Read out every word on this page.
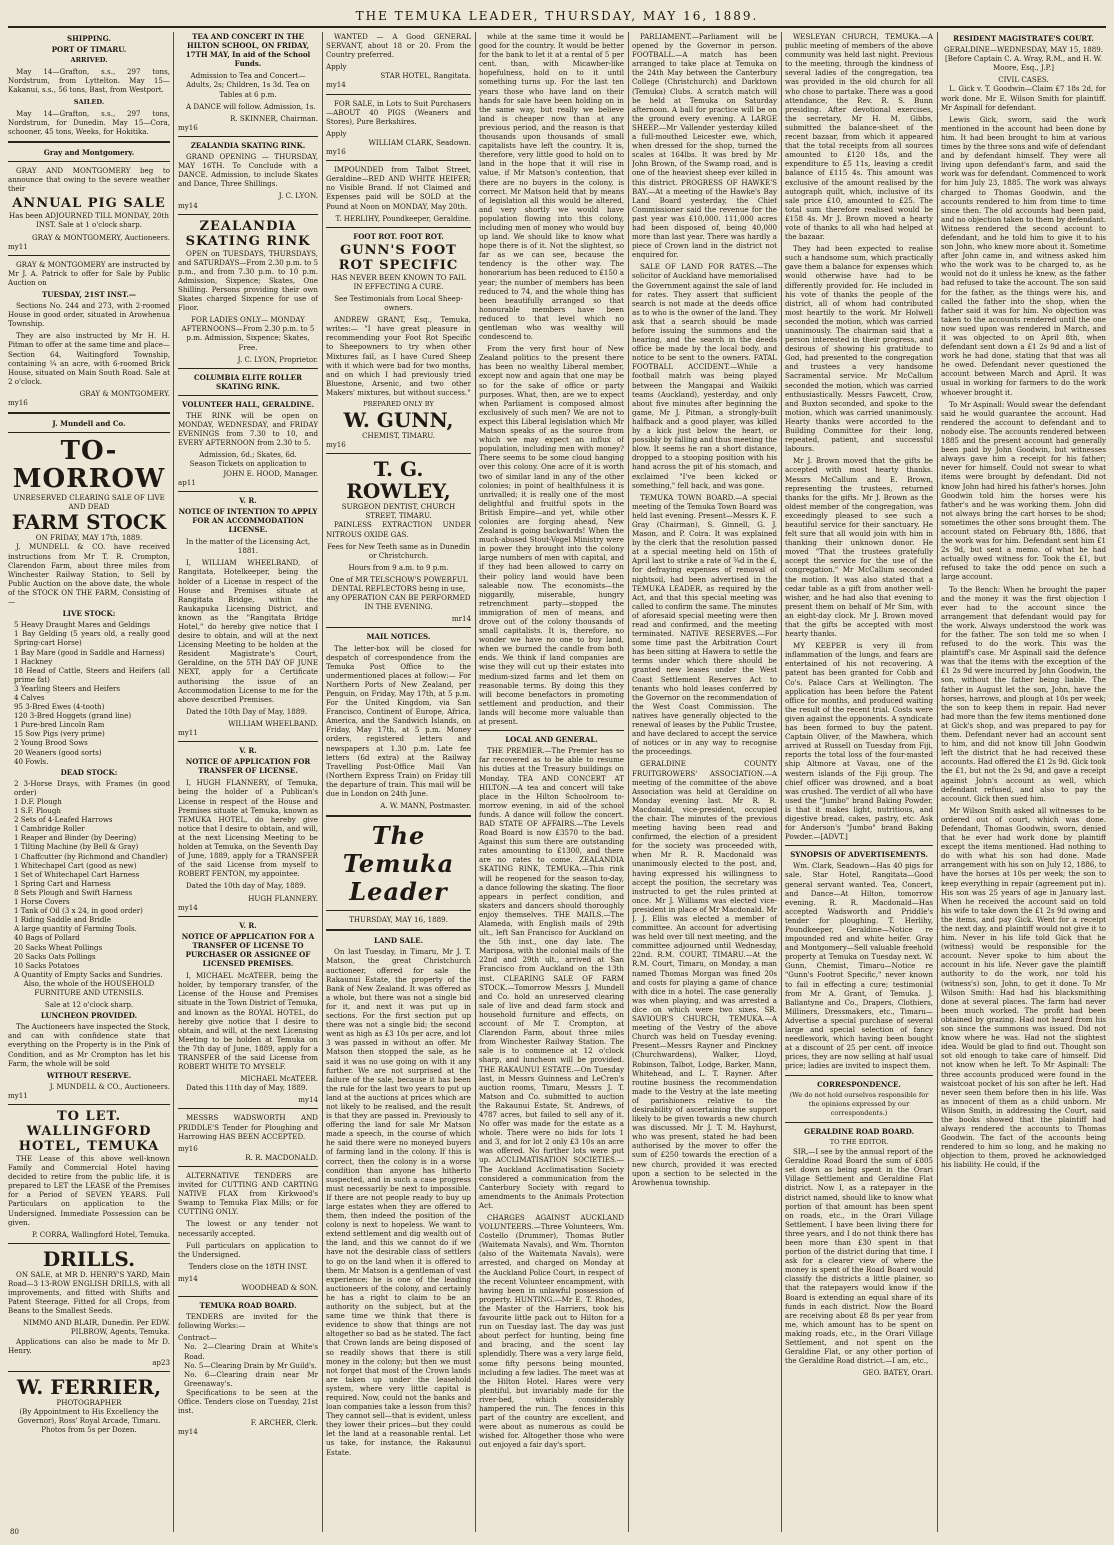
THE TEMUKA LEADER, THURSDAY, MAY 16, 1889.
SHIPPING.
PORT OF TIMARU.
ARRIVED.

May 14—Grafton, s.s., 297 tons, Nordstrum, from Lyttelton. May 15—Kakanui, s.s., 56 tons, Bast, from Westport.

SAILED.

May 14—Grafton, s.s., 297 tons, Nordstrum, for Dunedin. May 15—Cora, schooner, 45 tons, Weeks, for Hokitika.

Gray and Montgomery.

GRAY AND MONTGOMERY beg to announce that owing to the severe weather their

ANNUAL PIG SALE

Has been ADJOURNED TILL MONDAY, 20th INST. Sale at 1 o'clock sharp.

GRAY & MONTGOMERY, Auctioneers.
my11

GRAY & MONTGOMERY are instructed by Mr J. A. Patrick to offer for Sale by Public Auction on

TUESDAY, 21ST INST.—

Sections No. 244 and 273, with 2-roomed House in good order, situated in Arowhenua Township.

They are also instructed by Mr H. H. Pitman to offer at the same time and place— Section 64, Waitingford Township, containing ¼ an acre, with 6-roomed Brick House, situated on Main South Road. Sale at 2 o'clock.

GRAY & MONTGOMERY.
my16
J. Mundell and Co.
TO-MORROW
UNRESERVED CLEARING SALE OF LIVE AND DEAD
FARM STOCK
ON FRIDAY, MAY 17th, 1889.

J. MUNDELL & CO. have received instructions from Mr T. R. Crompton, Clarendon Farm, about three miles from Winchester Railway Station, to Sell by Public Auction on the above date, the whole of the STOCK ON THE FARM, Consisting of—

LIVE STOCK:
5 Heavy Draught Mares and Geldings
1 Bay Gelding (5 years old, a really good Spring-cart Horse)
1 Bay Mare (good in Saddle and Harness)
1 Hackney
18 Head of Cattle, Steers and Heifers (all prime fat)
3 Yearling Steers and Heifers
4 Calves
95 3-Bred Ewes (4-tooth)
120 3-Bred Hoggets (grand line)
1 Pure-bred Lincoln Ram
15 Sow Pigs (very prime)
2 Young Brood Sows
20 Weaners (good sorts)
40 Fowls.
DEAD STOCK:
2 3-Horse Drays, with Frames (in good order)
1 D.F. Plough
1 S.F. Plough
2 Sets of 4-Leafed Harrows
1 Cambridge Roller
1 Reaper and Binder (by Deering)
1 Tilting Machine (by Bell & Gray)
1 Chaffcutter (by Richmond and Chandler)
1 Whitechapel Cart (good as new)
1 Set of Whitechapel Cart Harness
1 Spring Cart and Harness
8 Sets Plough and Swift Harness
1 Horse Covers
1 Tank of Oil (3 x 24, in good order)
1 Riding Saddle and Bridle
A large quantity of Farming Tools.
40 Bags of Pollard
20 Sacks Wheat Pollings
20 Sacks Oats Pollings
10 Sacks Potatoes
A Quantity of Empty Sacks and Sundries.

Also, the whole of the HOUSEHOLD FURNITURE AND UTENSILS.

Sale at 12 o'clock sharp.
LUNCHEON PROVIDED.

The Auctioneers have inspected the Stock, and can with confidence state that everything on the Property is in the Pink of Condition, and as Mr Crompton has let his Farm, the whole will be sold

WITHOUT RESERVE.
J. MUNDELL & CO., Auctioneers.
my11
TO LET.
WALLINGFORD HOTEL, TEMUKA

THE Lease of this above well-known Family and Commercial Hotel having decided to retire from the public life, it is prepared to LET the LEASE of the Premises for a Period of SEVEN YEARS. Full Particulars on application to the Undersigned. Immediate Possession can be given.

P. CORRA, Wallingford Hotel, Temuka.
DRILLS.

ON SALE, at MR D. HENRY'S YARD, Main Road—3 13-ROW ENGLISH DRILLS, with all improvements, and fitted with Shifts and Patent Steerage. Fitted for all Crops, from Beans to the Smallest Seeds.

NIMMO AND BLAIR, Dunedin. Per EDW. PILBROW, Agents, Temuka.

Applications can also be made to Mr D. Henry.

ap23
W. FERRIER,
PHOTOGRAPHER

(By Appointment to His Excellency the Governor), Ross' Royal Arcade, Timaru. Photos from 5s per Dozen.

TEA AND CONCERT IN THE HILTON SCHOOL, ON FRIDAY, 17TH MAY, In aid of the School Funds.

Admission to Tea and Concert—Adults, 2s; Children, 1s 3d. Tea on Tables at 6 p.m.

A DANCE will follow. Admission, 1s.

R. SKINNER, Chairman.
my16
ZEALANDIA SKATING RINK.

GRAND OPENING — THURSDAY, MAY 16TH. To Conclude with a DANCE. Admission, to include Skates and Dance, Three Shillings.

J. C. LYON.
my14
ZEALANDIA SKATING RINK

OPEN on TUESDAYS, THURSDAYS, and SATURDAYS—From 2.30 p.m. to 5 p.m., and from 7.30 p.m. to 10 p.m. Admission, Sixpence; Skates, One Shilling. Persons providing their own Skates charged Sixpence for use of Floor.

FOR LADIES ONLY— MONDAY AFTERNOONS—From 2.30 p.m. to 5 p.m. Admission, Sixpence; Skates, Free.

J. C. LYON, Proprietor.
COLUMBIA ELITE ROLLER SKATING RINK.
VOLUNTEER HALL, GERALDINE.

THE RINK will be open on MONDAY, WEDNESDAY, and FRIDAY EVENINGS from 7.30 to 10, and EVERY AFTERNOON from 2.30 to 5.

Admission, 6d.; Skates, 6d.
Season Tickets on application to
JOHN E. HOOD, Manager.
ap11
V. R.

NOTICE OF INTENTION TO APPLY FOR AN ACCOMMODATION LICENSE.

In the matter of the Licensing Act, 1881.

I, WILLIAM WHEELBAND, of Rangitata, Hotelkeeper, being the holder of a License in respect of the House and Premises situate at Rangitata Bridge, within the Raukapuka Licensing District, and known as the "Rangitata Bridge Hotel," do hereby give notice that I desire to obtain, and will at the next Licensing Meeting to be holden at the Resident Magistrate's Court, Geraldine, on the 5TH DAY OF JUNE NEXT, apply for a Certificate authorising the issue of an Accommodation License to me for the above described Premises.

Dated the 10th Day of May, 1889.

WILLIAM WHEELBAND.
my11
V. R.

NOTICE OF APPLICATION FOR TRANSFER OF LICENSE.

I, HUGH FLANNERY, of Temuka, being the holder of a Publican's License in respect of the House and Premises situate at Temuka, known as TEMUKA HOTEL, do hereby give notice that I desire to obtain, and will, at the next Licensing Meeting to be holden at Temuka, on the Seventh Day of June, 1889, apply for a TRANSFER of the said License from myself to ROBERT FENTON, my appointee.

Dated the 10th day of May, 1889.

HUGH FLANNERY.
my14
V. R.

NOTICE OF APPLICATION FOR A TRANSFER OF LICENSE TO PURCHASER OR ASSIGNEE OF LICENSED PREMISES.

I, MICHAEL McATEER, being the holder, by temporary transfer, of the License of the House and Premises situate in the Town District of Temuka, and known as the ROYAL HOTEL, do hereby give notice that I desire to obtain, and will, at the next Licensing Meeting to be holden at Temuka on the 7th day of June, 1889, apply for a TRANSFER of the said License from ROBERT WHITE TO MYSELF.

MICHAEL McATEER.

Dated this 11th day of May, 1889.

my14

MESSRS WADSWORTH AND PRIDDLE'S Tender for Ploughing and Harrowing HAS BEEN ACCEPTED.

my16
R. R. MACDONALD.

ALTERNATIVE TENDERS are invited for CUTTING AND CARTING NATIVE FLAX from Kirkwood's Swamp to Temuka Flax Mills; or for CUTTING ONLY.

The lowest or any tender not necessarily accepted.

Full particulars on application to the Undersigned.

Tenders close on the 18TH INST.

my14
WOODHEAD & SON.
TEMUKA ROAD BOARD.

TENDERS are invited for the following Works:—

Contract—
No. 2—Clearing Drain at White's Road.
No. 5—Clearing Drain by Mr Guild's.
No. 6—Clearing drain near Mr Greenaway's.

Specifications to be seen at the Office. Tenders close on Tuesday, 21st inst.

F. ARCHER, Clerk.
my14

WANTED — A Good GENERAL SERVANT, about 18 or 20. From the Country preferred.

Apply
STAR HOTEL, Rangitata.
my14

FOR SALE, in Lots to Suit Purchasers —ABOUT 40 PIGS (Weaners and Stores), Pure Berkshires.

Apply
WILLIAM CLARK, Seadown.
my16

IMPOUNDED from Talbot Street, Geraldine—RED AND WHITE HEIFER; no Visible Brand. If not Claimed and Expenses paid will be SOLD at the Pound at Noon on MONDAY, May 20th.

T. HERLIHY, Poundkeeper, Geraldine.
FOOT ROT. FOOT ROT.
GUNN'S FOOT ROT SPECIFIC

HAS NEVER BEEN KNOWN TO FAIL IN EFFECTING A CURE.

See Testimonials from Local Sheep-owners.

ANDREW GRANT, Esq., Temuka, writes:— "I have great pleasure in recommending your Foot Rot Specific to Sheepowners to try when other Mixtures fail, as I have Cured Sheep with it which were bad for two months, and on which I had previously tried Bluestone, Arsenic, and two other Makers' mixtures, but without success."

PREPARED ONLY BY
W. GUNN,
CHEMIST, TIMARU.
my16
T. G. ROWLEY,
SURGEON DENTIST, CHURCH STREET, TIMARU.

PAINLESS EXTRACTION UNDER NITROUS OXIDE GAS.

Fees for New Teeth same as in Dunedin or Christchurch.

Hours from 9 a.m. to 9 p.m.

One of MR TELSCHOW'S POWERFUL DENTAL REFLECTORS being in use, any OPERATION CAN BE PERFORMED IN THE EVENING.

mr14
MAIL NOTICES.

The letter-box will be closed for despatch of correspondence from the Temuka Post Office to the undermentioned places at follow:— For Northern Ports of New Zealand, per Penguin, on Friday, May 17th, at 5 p.m. For the United Kingdom, via San Francisco, Continent of Europe, Africa, America, and the Sandwich Islands, on Friday, May 17th, at 5 p.m. Money orders, registered letters and newspapers at 1.30 p.m. Late fee letters (6d extra) at the Railway Travelling Post-Office Mail Van (Northern Express Train) on Friday till the departure of train. This mail will be due in London on 24th June.

A. W. MANN, Postmaster.
The Temuka Leader
THURSDAY, MAY 16, 1889.
LAND SALE.

On last Tuesday, in Timaru, Mr J. T. Matson, the great Christchurch auctioneer, offered for sale the Rakaunui Estate, the property of the Bank of New Zealand. It was offered as a whole, but there was not a single bid for it, and next it was put up in sections. For the first section put up there was not a single bid; the second went as high as £3 10s per acre, and lot 3 was passed in without an offer. Mr Matson then stopped the sale, as he said it was no use going on with it any further. We are not surprised at the failure of the sale, because it has been the rule for the last two years to put up land at the auctions at prices which are not likely to be realised, and the result is that they are passed in. Previously to offering the land for sale Mr Matson made a speech, in the course of which he said there were no moneyed buyers of farming land in the colony. If this is correct, then the colony is in a worse condition than anyone has hitherto suspected, and in such a case progress must necessarily be next to impossible. If there are not people ready to buy up large estates when they are offered to them, then indeed the position of the colony is next to hopeless. We want to extend settlement and dig wealth out of the land, and this we cannot do if we have not the desirable class of settlers to go on the land when it is offered to them. Mr Matson is a gentleman of vast experience; he is one of the leading auctioneers of the colony, and certainly he has a right to claim to be an authority on the subject, but at the same time we think that there is evidence to show that things are not altogether so bad as he stated. The fact that Crown lands are being disposed of so readily shows that there is still money in the colony; but then we must not forget that most of the Crown lands are taken up under the leasehold system, where very little capital is required. Now, could not the banks and loan companies take a lesson from this? They cannot sell—that is evident, unless they lower their prices—but they could let the land at a reasonable rental. Let us take, for instance, the Rakaunui Estate.

while at the same time it would be good for the country. It would be better for the bank to let it at a rental of 5 per cent. than, with Micawber-like hopefulness, hold on to it until something turns up. For the last ten years those who have land on their hands for sale have been holding on in the same way, but really we believe land is cheaper now than at any previous period, and the reason is that thousands upon thousands of small capitalists have left the country. It is, therefore, very little good to hold on to land in the hope that it will rise in value, if Mr Matson's contention, that there are no buyers in the colony, is correct. Mr Matson held that by means of legislation all this would be altered, and very shortly we would have population flowing into this colony, including men of money who would buy up land. We should like to know what hope there is of it. Not the slightest, so far as we can see, because the tendency is the other way. The honorarium has been reduced to £150 a year; the number of members has been reduced to 74, and the whole thing has been beautifully arranged so that honourable members have been reduced to that level which no gentleman who was wealthy will condescend to.

From the very first hour of New Zealand politics to the present there has been no wealthy Liberal member, except now and again that one may be so for the sake of office or party purposes. What, then, are we to expect when Parliament is composed almost exclusively of such men? We are not to expect this Liberal legislation which Mr Matson speaks of as the source from which we may expect an influx of population, including men with money? There seems to be some cloud hanging over this colony. One acre of it is worth two of similar land in any of the other colonies; in point of healthfulness it is unrivalled; it is really one of the most delightful and fruitful spots in the British Empire—and yet, while other colonies are forging ahead, New Zealand is going backwards! When the much-abused Stout-Vogel Ministry were in power they brought into the colony large numbers of men with capital, and if they had been allowed to carry on their policy land would have been saleable now. The economists—the niggardly, miserable, hungry retrenchment party—stopped the immigration of men of means, and drove out of the colony thousands of small capitalists. It is, therefore, no wonder we have no one to buy land, when we burned the candle from both ends. We think if land companies are wise they will cut up their estates into medium-sized farms and let them on reasonable terms. By doing this they will become benefactors in promoting settlement and production, and their lands will become more valuable than at present.

LOCAL AND GENERAL.

THE PREMIER.—The Premier has so far recovered as to be able to resume his duties at the Treasury buildings on Monday. TEA AND CONCERT AT HILTON.—A tea and concert will take place in the Hilton Schoolroom to-morrow evening, in aid of the school funds. A dance will follow the concert. BAD STATE OF AFFAIRS.—The Levels Road Board is now £3570 to the bad. Against this sum there are outstanding rates amounting to £1300, and there are no rates to come. ZEALANDIA SKATING RINK, TEMUKA.—This rink will be reopened for the season to-day, a dance following the skating. The floor appears in perfect condition, and skaters and dancers should thoroughly enjoy themselves. THE MAILS.—The Alameda, with English mails of 29th ult., left San Francisco for Auckland on the 5th inst., one day late. The Mariposa, with the colonial mails of the 22nd and 29th ult., arrived at San Francisco from Auckland on the 13th inst. CLEARING SALE OF FARM STOCK.—Tomorrow Messrs J. Mundell and Co. hold an unreserved clearing sale of live and dead farm stock and household furniture and effects, on account of Mr T. Crompton, at Clarendon Farm, about three miles from Winchester Railway Station. The sale is to commence at 12 o'clock sharp, and luncheon will be provided. THE RAKAUNUI ESTATE.—On Tuesday last, in Messrs Guinness and LeCren's auction rooms, Timaru, Messrs J. T. Matson and Co. submitted to auction the Rakaunui Estate, St. Andrews, of 4787 acres, but failed to sell any of it. No offer was made for the estate as a whole. There were no bids for lots 1 and 3, and for lot 2 only £3 10s an acre was offered. No further lots were put up. ACCLIMATISATION SOCIETIES.—The Auckland Acclimatisation Society considered a communication from the Canterbury Society with regard to amendments to the Animals Protection Act.

CHARGES AGAINST AUCKLAND VOLUNTEERS.—Three Volunteers, Wm. Costello (Drummer), Thomas Butler (Waitemata Navals), and Wm. Thornton (also of the Waitemata Navals), were arrested, and charged on Monday at the Auckland Police Court, in respect of the recent Volunteer encampment, with having been in unlawful possession of property. HUNTING.—Mr E. T. Rhodes, the Master of the Harriers, took his favourite little pack out to Hilton for a run on Tuesday last. The day was just about perfect for hunting, being fine and bracing, and the scent lay splendidly. There was a very large field, some fifty persons being mounted, including a few ladies. The meet was at the Hilton Hotel. Hares were very plentiful, but invariably made for the river-bed, which considerably hampered the run. The fences in this part of the country are excellent, and were about as numerous as could be wished for. Altogether those who were out enjoyed a fair day's sport.

PARLIAMENT.—Parliament will be opened by the Governor in person. FOOTBALL.—A match has been arranged to take place at Temuka on the 24th May between the Canterbury College (Christchurch) and Darktown (Temuka) Clubs. A scratch match will be held at Temuka on Saturday afternoon. A ball for practice will be on the ground every evening. A LARGE SHEEP.—Mr Vallender yesterday killed a full-mouthed Leicester ewe, which, when dressed for the shop, turned the scales at 164lbs. It was bred by Mr John Brown, of the Swamp road, and is one of the heaviest sheep ever killed in this district. PROGRESS OF HAWKE'S BAY.—At a meeting of the Hawke's Bay Land Board yesterday, the Chief Commissioner said the revenue for the past year was £10,000. 111,000 acres had been disposed of, being 40,000 more than last year. There was hardly a piece of Crown land in the district not enquired for.

SALE OF LAND FOR RATES.—The solicitor of Auckland have memorialised the Government against the sale of land for rates. They assert that sufficient search is not made at the deeds office as to who is the owner of the land. They ask that a search should be made before issuing the summons and the hearing, and the search in the deeds office be made by the local body, and notice to be sent to the owners. FATAL FOOTBALL ACCIDENT.—While a football match was being played between the Mangapai and Waikiki teams (Auckland), yesterday, and only about five minutes after beginning the game, Mr J. Pitman, a strongly-built halfback and a good player, was killed by a kick just below the heart, or possibly by falling and thus meeting the blow. It seems he ran a short distance, dropped to a stooping position with his hand across the pit of his stomach, and exclaimed "I've been kicked or something," fell back, and was gone.

TEMUKA TOWN BOARD.—A special meeting of the Temuka Town Board was held last evening. Present—Messrs K. F. Gray (Chairman), S. Ginnell, G. J. Mason, and P. Coira. It was explained by the clerk that the resolution passed at a special meeting held on 15th of April last to strike a rate of ¾d in the £, for defraying expenses of removal of nightsoil, had been advertised in the TEMUKA LEADER, as required by the Act, and that this special meeting was called to confirm the same. The minutes of aforesaid special meeting were then read and confirmed, and the meeting terminated. NATIVE RESERVES.—For some time past the Arbitration Court has been sitting at Hawera to settle the terms under which there should be granted new leases under the West Coast Settlement Reserves Act to tenants who hold leases conferred by the Governor on the recommendation of the West Coast Commission. The natives have generally objected to the renewal of leases by the Public Trustee, and have declared to accept the service of notices or in any way to recognise the proceedings.

GERALDINE COUNTY FRUITGROWERS' ASSOCIATION.—A meeting of the committee of the above Association was held at Geraldine on Monday evening last. Mr R. R. Macdonald, vice-president, occupied the chair. The minutes of the previous meeting having been read and confirmed, the election of a president for the society was proceeded with, when Mr R. R. Macdonald was unanimously elected to the post, and, having expressed his willingness to accept the position, the secretary was instructed to get the rules printed at once. Mr J. Williams was elected vice-president in place of Mr Macdonald. Mr J. J. Ellis was elected a member of committee. An account for advertising was held over till next meeting, and the committee adjourned until Wednesday, 22nd. R.M. COURT, TIMARU.—At the R.M. Court, Timaru, on Monday, a man named Thomas Morgan was fined 20s and costs for playing a game of chance with dice in a hotel. The case generally was when playing, and was arrested a dice on which were two sixes. SR. SAVIOUR'S CHURCH, TEMUKA.—A meeting of the Vestry of the above Church was held on Tuesday evening. Present—Messrs Rayner and Pinckney (Churchwardens), Walker, Lloyd, Robinson, Talbot, Lodge, Barker, Mann, Whitehead, and L. T. Rayner. After routine business the recommendation made to the Vestry at the late meeting of parishioners relative to the desirability of ascertaining the support likely to be given towards a new church was discussed. Mr J. T. M. Hayhurst, who was present, stated he had been authorised by the mover to offer the sum of £250 towards the erection of a new church, provided it was erected upon a section to be selected in the Arowhenua township.

WESLEYAN CHURCH, TEMUKA.—A public meeting of members of the above community was held last night. Previous to the meeting, through the kindness of several ladies of the congregation, tea was provided in the old church for all who chose to partake. There was a good attendance, the Rev. R. S. Bunn presiding. After devotional exercises, the secretary, Mr H. M. Gibbs, submitted the balance-sheet of the recent bazaar, from which it appeared that the total receipts from all sources amounted to £120 18s, and the expenditure to £5 11s, leaving a credit balance of £115 4s. This amount was exclusive of the amount realised by the autograph quilt, which, inclusive of its sale price £10, amounted to £25. The total sum therefore realised would be £158 4s. Mr J. Brown moved a hearty vote of thanks to all who had helped at the bazaar.

They had been expected to realise such a handsome sum, which practically gave them a balance for expenses which would otherwise have had to be differently provided for. He included in his vote of thanks the people of the district, all of whom had contributed most heartily to the work. Mr Holwell seconded the motion, which was carried unanimously. The chairman said that a person interested in their progress, and desirous of showing his gratitude to God, had presented to the congregation and trustees a very handsome Sacramental service. Mr McCallum seconded the motion, which was carried enthusiastically. Messrs Fawcett, Crow, and Buxton seconded, and spoke to the motion, which was carried unanimously. Hearty thanks were accorded to the Building Committee for their long, repeated, patient, and successful labours.

Mr J. Brown moved that the gifts be accepted with most hearty thanks. Messrs McCallum and E. Brown, representing the trustees, returned thanks for the gifts. Mr J. Brown as the oldest member of the congregation, was exceedingly pleased to see such a beautiful service for their sanctuary. He felt sure that all would join with him in thanking their unknown donor. He moved "That the trustees gratefully accept the service for the use of the congregation." Mr McCallum seconded the motion. It was also stated that a cedar table as a gift from another well-wisher, and he had also that evening to present them on behalf of Mr Sim, with an eight-day clock. Mr J. Brown moved that the gifts be accepted with most hearty thanks.

MY KEEPER is very ill from inflammation of the lungs, and fears are entertained of his not recovering. A patent has been granted for Cobb and Co's. Palace Cars at Wellington. The application has been before the Patent office for months, and produced waiting the result of the recent trial. Costs were given against the opponents. A syndicate has been formed to buy the patent. Captain Oliver, of the Mawhera, which arrived at Russell on Tuesday from Fiji, reports the total loss of the four-masted ship Altmore at Vavau, one of the western islands of the Fiji group. The chief officer was drowned, and a boat was crushed. The verdict of all who have used the "Jumbo" brand Baking Powder, is that it makes light, nutritious, and digestive bread, cakes, pastry, etc. Ask for Anderson's "Jumbo" brand Baking Powder.—[ADVT.]

SYNOPSIS OF ADVERTISEMENTS.

Wm. Clark, Seadown—Has 40 pigs for sale. Star Hotel, Rangitata—Good general servant wanted. Tea, Concert, and Dance—At Hilton, tomorrow evening. R. R. Macdonald—Has accepted Wadsworth and Priddle's tender for ploughing. T. Herlihy, Poundkeeper, Geraldine—Notice re impounded red and white heifer. Gray and Montgomery—Sell valuable freehold property at Temuka on Tuesday next. W. Gunn, Chemist, Timaru—Notice re "Gunn's Footrot Specific," never known to fail in effecting a cure; testimonial from Mr A. Grant, of Temuka. J. Ballantyne and Co., Drapers, Clothiers, Milliners, Dressmakers, etc., Timaru—Advertise a special purchase of several large and special selection of fancy needlework, which having been bought at a discount of 25 per cent. off invoice prices, they are now selling at half usual price; ladies are invited to inspect them.

CORRESPONDENCE.

(We do not hold ourselves responsible for the opinions expressed by our correspondents.)

GERALDINE ROAD BOARD.
TO THE EDITOR.

SIR,—I see by the annual report of the Geraldine Road Board the sum of £805 set down as being spent in the Orari Village Settlement and Geraldine Flat district. Now I, as a ratepayer in the district named, should like to know what portion of that amount has been spent on roads, etc., in the Orari Village Settlement. I have been living there for three years, and I do not think there has been more than £30 spent in that portion of the district during that time. I ask for a clearer view of where the money is spent of the Road Board would classify the districts a little plainer, so that the ratepayers would know if the Board is extending an equal share of its funds in each district. Now the Board are receiving about £8 8s per year from me, which amount has to be spent on making roads, etc., in the Orari Village Settlement, and not spent on the Geraldine Flat, or any other portion of the Geraldine Road district.—I am, etc.,

GEO. BATEY, Orari.
RESIDENT MAGISTRATE'S COURT.
GERALDINE—WEDNESDAY, MAY 15, 1889.

[Before Captain C. A. Wray, R.M., and H. W. Moore, Esq., J.P.]

CIVIL CASES.

L. Gick v. T. Goodwin—Claim £7 18s 2d, for work done. Mr E. Wilson Smith for plaintiff. Mr Aspinall for defendant.

Lewis Gick, sworn, said the work mentioned in the account had been done by him. It had been brought to him at various times by the three sons and wife of defendant and by defendant himself. They were all living upon defendant's farm, and said the work was for defendant. Commenced to work for him July 23, 1885. The work was always charged to Thomas Goodwin, and the accounts rendered to him from time to time since then. The old accounts had been paid, and no objection taken to them by defendant. Witness rendered the second account to defendant, and he told him to give it to his son John, who knew more about it. Sometime after John came in, and witness asked him who the work was to be charged to, as he would not do it unless he knew, as the father had refused to take the account. The son said for the father, as the things were his, and called the father into the shop, when the father said it was for him. No objection was taken to the accounts rendered until the one now sued upon was rendered in March, and it was objected to on April 8th, when defendant sent down a £1 2s 9d and a list of work he had done, stating that that was all he owed. Defendant never questioned the account between March and April. It was usual in working for farmers to do the work whoever brought it.

To Mr Aspinall: Would swear the defendant said he would guarantee the account. Had rendered the account to defendant and to nobody else. The accounts rendered between 1885 and the present account had generally been paid by John Goodwin, but witnesses always gave him a receipt for his father; never for himself. Could not swear to what items were brought by defendant. Did not know John had hired his father's horses. John Goodwin told him the horses were his father's and he was working them. John did not always bring the cart horses to be shod; sometimes the other sons brought them. The account stated on February 8th, 1886, that the work was for him. Defendant sent him £1 2s 9d, but sent a memo. of what he had actually owed witness for. Took the £1, but refused to take the odd pence on such a large account.

To the Bench: When he brought the paper and the money it was the first objection I ever had to the account since the arrangement that defendant would pay for the work. Always understood the work was for the father. The son told me so when I refused to do the work. This was the plaintiff's case. Mr Aspinall said the defence was that the items with the exception of the £1 2s 9d were incurred by John Goodwin, the son, without the father being liable. The father in August let the son, John, have the horses, harrows, and plough at 10s per week; the son to keep them in repair. Had never had more than the few items mentioned done at Gick's shop, and was prepared to pay for them. Defendant never had an account sent to him, and did not know till John Goodwin left the district that he had received these accounts. Had offered the £1 2s 9d. Gick took the £1, but not the 2s 9d, and gave a receipt against John's account as well, which defendant refused, and also to pay the account. Gick then sued him.

Mr Wilson Smith asked all witnesses to be ordered out of court, which was done. Defendant, Thomas Goodwin, sworn, denied that he ever had work done by plaintiff except the items mentioned. Had nothing to do with what his son had done. Made arrangement with his son on July 12, 1886, to have the horses at 10s per week; the son to keep everything in repair (agreement put in). His son was 25 years of age in January last. When he received the account said on told his wife to take down the £1 2s 9d owing and the items, and pay Gick. Went for a receipt the next day, and plaintiff would not give it to him. Never in his life told Gick that he (witness) would be responsible for the account. Never spoke to him about the account in his life. Never gave the plaintiff authority to do the work, nor told his (witness's) son, John, to get it done. To Mr Wilson Smith: Had had his blacksmithing done at several places. The farm had never been much worked. The profit had been obtained by grazing. Had not heard from his son since the summons was issued. Did not know where he was. Had not the slightest idea. Would be glad to find out. Thought son sot old enough to take care of himself. Did not know when he left. To Mr Aspinall: The three accounts produced were found in the waistcoat pocket of his son after he left. Had never seen them before then in his life. Was as innocent of them as a child unborn. Mr Wilson Smith, in addressing the Court, said the books showed that the plaintiff had always rendered the accounts to Thomas Goodwin. The fact of the accounts being rendered to him so long, and he making no objection to them, proved he acknowledged his liability. He could, if the

80
